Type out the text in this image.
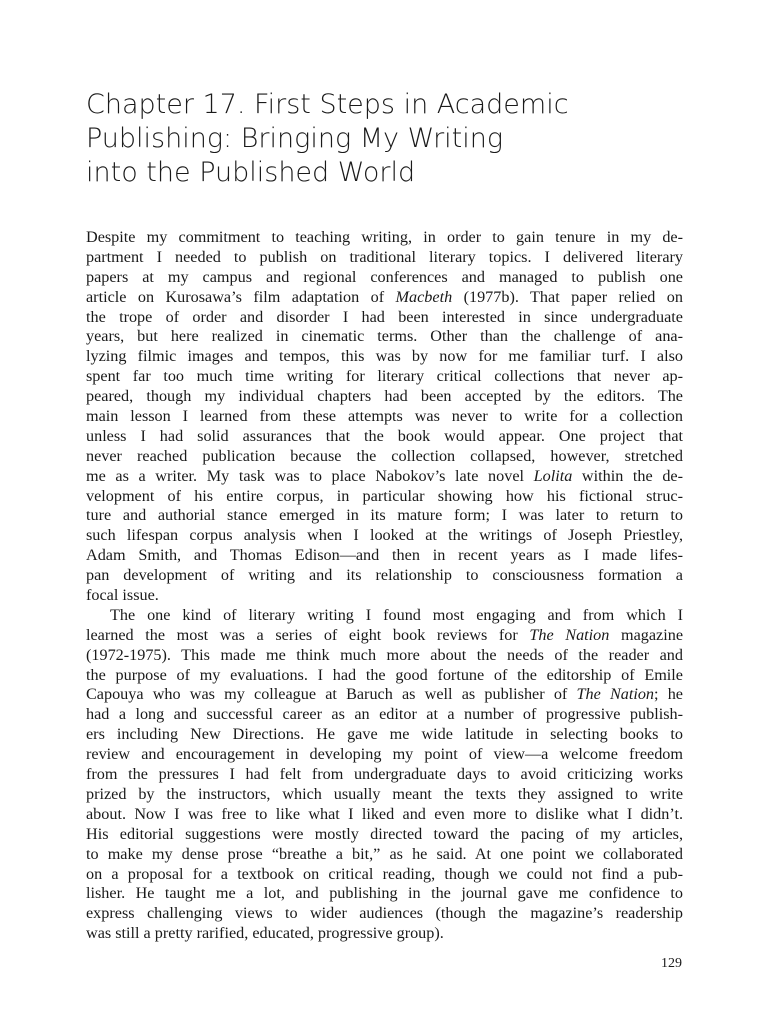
Chapter 17. First Steps in Academic
Publishing: Bringing My Writing
into the Published World
Despite my commitment to teaching writing, in order to gain tenure in my de-
partment I needed to publish on traditional literary topics. I delivered literary
papers at my campus and regional conferences and managed to publish one
article on Kurosawa’s film adaptation of Macbeth (1977b). That paper relied on
the trope of order and disorder I had been interested in since undergraduate
years, but here realized in cinematic terms. Other than the challenge of ana-
lyzing filmic images and tempos, this was by now for me familiar turf. I also
spent far too much time writing for literary critical collections that never ap-
peared, though my individual chapters had been accepted by the editors. The
main lesson I learned from these attempts was never to write for a collection
unless I had solid assurances that the book would appear. One project that
never reached publication because the collection collapsed, however, stretched
me as a writer. My task was to place Nabokov’s late novel Lolita within the de-
velopment of his entire corpus, in particular showing how his fictional struc-
ture and authorial stance emerged in its mature form; I was later to return to
such lifespan corpus analysis when I looked at the writings of Joseph Priestley,
Adam Smith, and Thomas Edison—and then in recent years as I made lifes-
pan development of writing and its relationship to consciousness formation a
focal issue.
The one kind of literary writing I found most engaging and from which I
learned the most was a series of eight book reviews for The Nation magazine
(1972-1975). This made me think much more about the needs of the reader and
the purpose of my evaluations. I had the good fortune of the editorship of Emile
Capouya who was my colleague at Baruch as well as publisher of The Nation; he
had a long and successful career as an editor at a number of progressive publish-
ers including New Directions. He gave me wide latitude in selecting books to
review and encouragement in developing my point of view—a welcome freedom
from the pressures I had felt from undergraduate days to avoid criticizing works
prized by the instructors, which usually meant the texts they assigned to write
about. Now I was free to like what I liked and even more to dislike what I didn’t.
His editorial suggestions were mostly directed toward the pacing of my articles,
to make my dense prose “breathe a bit,” as he said. At one point we collaborated
on a proposal for a textbook on critical reading, though we could not find a pub-
lisher. He taught me a lot, and publishing in the journal gave me confidence to
express challenging views to wider audiences (though the magazine’s readership
was still a pretty rarified, educated, progressive group).
129
